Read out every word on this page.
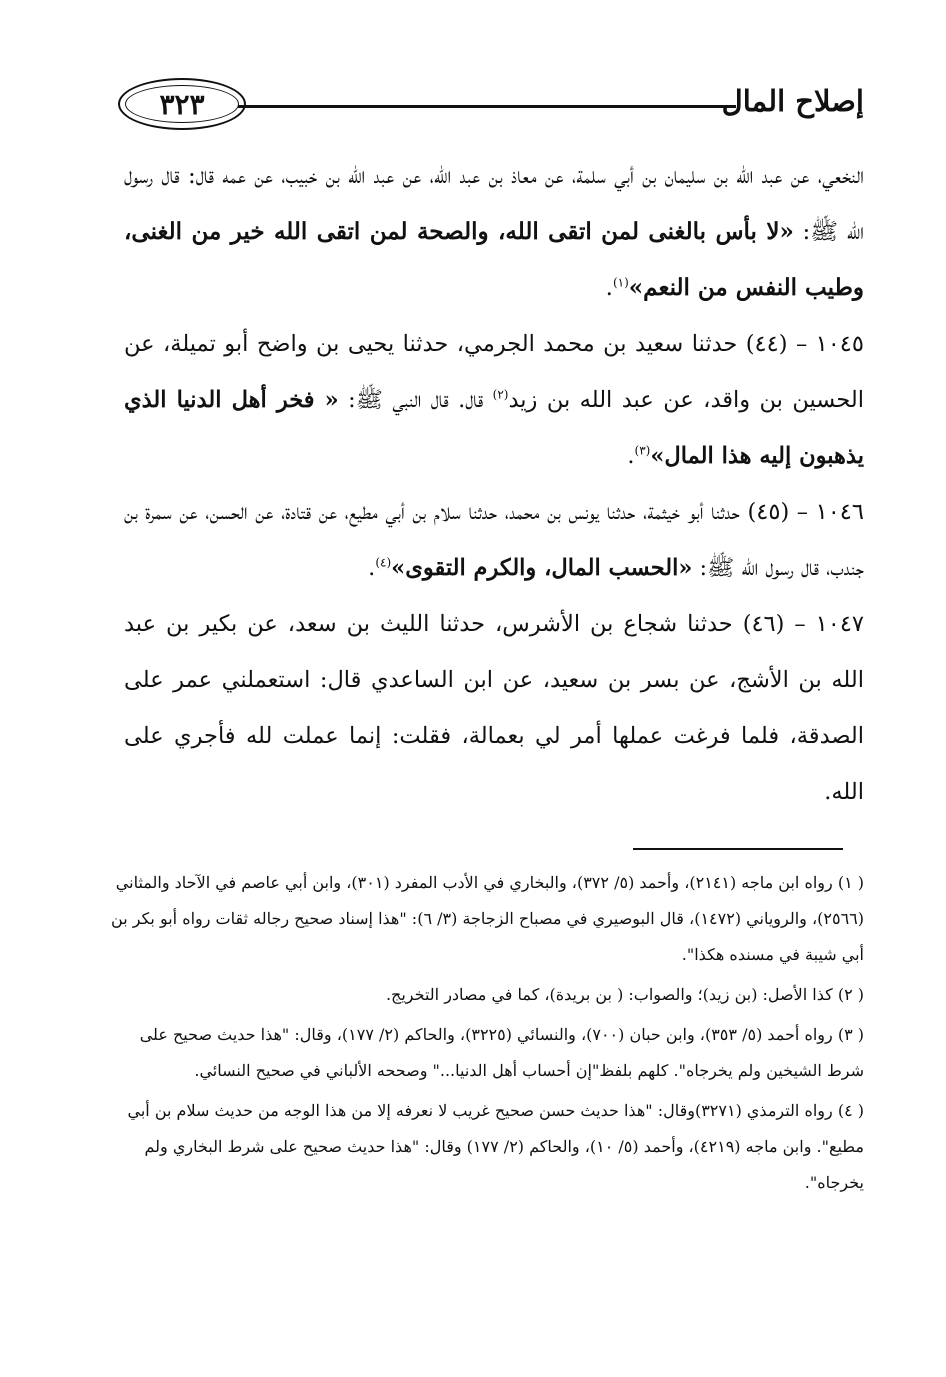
٣٢٣	إصلاح المال

النخعي، عن عبد الله بن سليمان بن أبي سلمة، عن معاذ بن عبد الله، عن عبد الله بن خبيب، عن عمه قال: قال رسول الله ﷺ: «لا بأس بالغنى لمن اتقى الله، والصحة لمن اتقى الله خير من الغنى، وطيب النفس من النعم»$^{(١)}$.

١٠٤٥ – (٤٤) حدثنا سعيد بن محمد الجرمي، حدثنا يحيى بن واضح أبو تميلة، عن الحسين بن واقد، عن عبد الله بن زيد$^{(٢)}$ قال. قال النبي ﷺ: « فخر أهل الدنيا الذي يذهبون إليه هذا المال»$^{(٣)}$.

١٠٤٦ – (٤٥) حدثنا أبو خيثمة، حدثنا يونس بن محمد، حدثنا سلام بن أبي مطيع، عن قتادة، عن الحسن، عن سمرة بن جندب، قال رسول الله ﷺ: «الحسب المال، والكرم التقوى»$^{(٤)}$.

١٠٤٧ – (٤٦) حدثنا شجاع بن الأشرس، حدثنا الليث بن سعد، عن بكير بن عبد الله بن الأشج، عن بسر بن سعيد، عن ابن الساعدي قال: استعملني عمر على الصدقة، فلما فرغت عملها أمر لي بعمالة، فقلت: إنما عملت لله فأجري على الله.

( ١) رواه ابن ماجه (٢١٤١)، وأحمد (٥/ ٣٧٢)، والبخاري في الأدب المفرد (٣٠١)، وابن أبي عاصم في الآحاد والمثاني (٢٥٦٦)، والروياني (١٤٧٢)، قال البوصيري في مصباح الزجاجة (٣/ ٦): "هذا إسناد صحيح رجاله ثقات رواه أبو بكر بن أبي شيبة في مسنده هكذا".

( ٢) كذا الأصل: (بن زيد)؛ والصواب: ( بن بريدة)، كما في مصادر التخريج.

( ٣) رواه أحمد (٥/ ٣٥٣)، وابن حبان (٧٠٠)، والنسائي (٣٢٢٥)، والحاكم (٢/ ١٧٧)، وقال: "هذا حديث صحيح على شرط الشيخين ولم يخرجاه". كلهم بلفظ"إن أحساب أهل الدنيا..." وصححه الألباني في صحيح النسائي.

( ٤) رواه الترمذي (٣٢٧١)وقال: "هذا حديث حسن صحيح غريب لا نعرفه إلا من هذا الوجه من حديث سلام بن أبي مطيع". وابن ماجه (٤٢١٩)، وأحمد (٥/ ١٠)، والحاكم (٢/ ١٧٧) وقال: "هذا حديث صحيح على شرط البخاري ولم يخرجاه".
